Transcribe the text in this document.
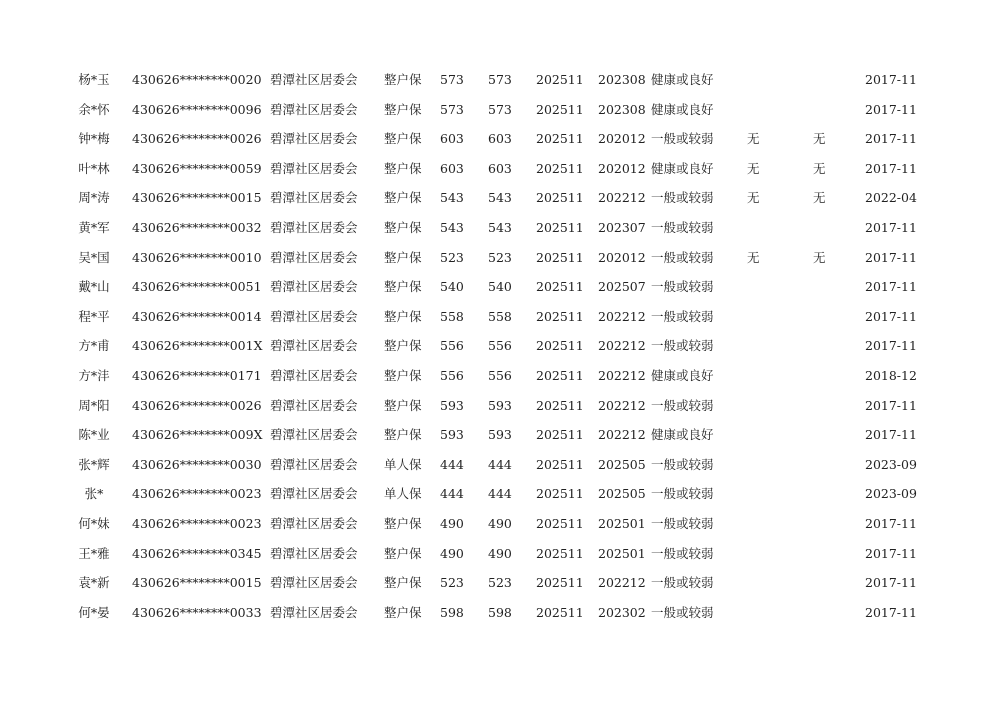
杨*玉	430626********0020 碧潭社区居委会 整户保 573 573 202511 202308 健康或良好	2017-11
余*怀	430626********0096 碧潭社区居委会 整户保 573 573 202511 202308 健康或良好	2017-11
钟*梅	430626********0026 碧潭社区居委会 整户保 603 603 202511 202012 一般或较弱	无	无	2017-11
叶*林	430626********0059 碧潭社区居委会 整户保 603 603 202511 202012 健康或良好	无	无	2017-11
周*涛	430626********0015 碧潭社区居委会 整户保 543 543 202511 202212 一般或较弱	无	无	2022-04
黄*军	430626********0032 碧潭社区居委会 整户保 543 543 202511 202307 一般或较弱	2017-11
吴*国	430626********0010 碧潭社区居委会 整户保 523 523 202511 202012 一般或较弱	无	无	2017-11
戴*山	430626********0051 碧潭社区居委会 整户保 540 540 202511 202507 一般或较弱	2017-11
程*平	430626********0014 碧潭社区居委会 整户保 558 558 202511 202212 一般或较弱	2017-11
方*甫	430626********001X 碧潭社区居委会 整户保 556 556 202511 202212 一般或较弱	2017-11
方*沣	430626********0171 碧潭社区居委会 整户保 556 556 202511 202212 健康或良好	2018-12
周*阳	430626********0026 碧潭社区居委会 整户保 593 593 202511 202212 一般或较弱	2017-11
陈*业	430626********009X 碧潭社区居委会 整户保 593 593 202511 202212 健康或良好	2017-11
张*辉	430626********0030 碧潭社区居委会 单人保 444 444 202511 202505 一般或较弱	2023-09
张*	430626********0023 碧潭社区居委会 单人保 444 444 202511 202505 一般或较弱	2023-09
何*妹	430626********0023 碧潭社区居委会 整户保 490 490 202511 202501 一般或较弱	2017-11
王*雅	430626********0345 碧潭社区居委会 整户保 490 490 202511 202501 一般或较弱	2017-11
袁*新	430626********0015 碧潭社区居委会 整户保 523 523 202511 202212 一般或较弱	2017-11
何*晏	430626********0033 碧潭社区居委会 整户保 598 598 202511 202302 一般或较弱	2017-11
